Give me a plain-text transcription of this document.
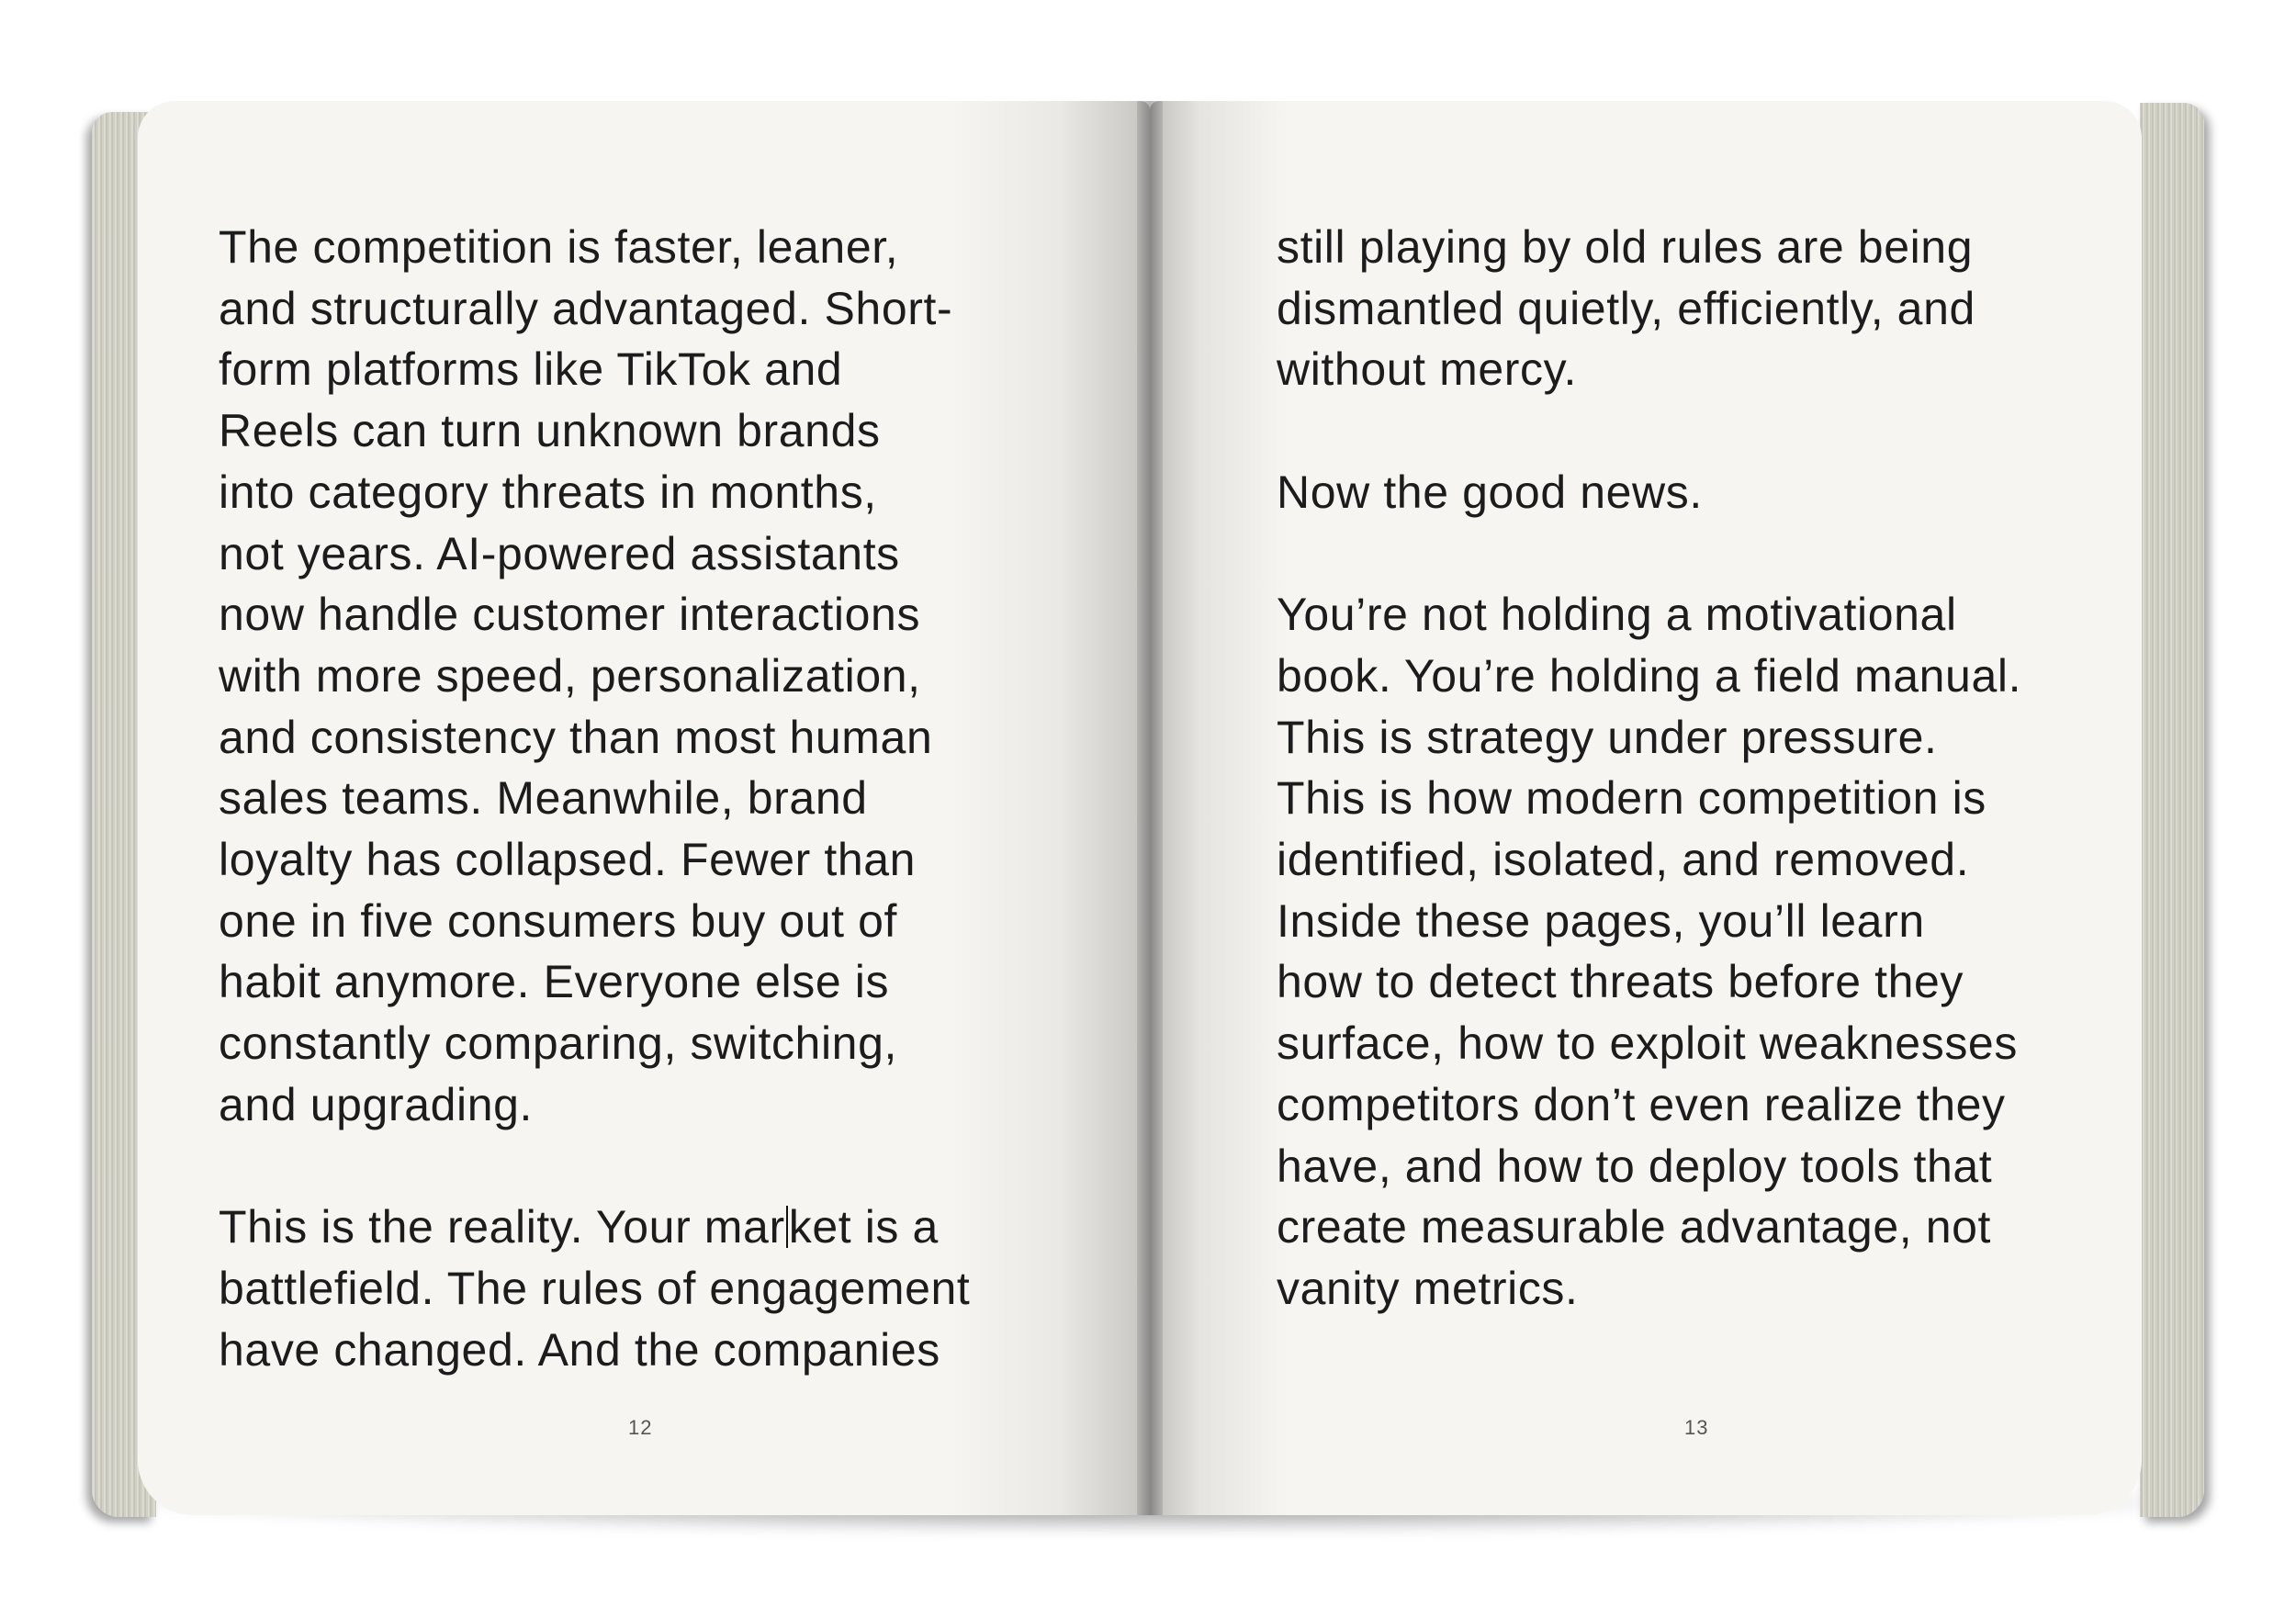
The competition is faster, leaner,
and structurally advantaged. Short-
form platforms like TikTok and
Reels can turn unknown brands
into category threats in months,
not years. AI-powered assistants
now handle customer interactions
with more speed, personalization,
and consistency than most human
sales teams. Meanwhile, brand
loyalty has collapsed. Fewer than
one in five consumers buy out of
habit anymore. Everyone else is
constantly comparing, switching,
and upgrading.
This is the reality. Your market is a
battlefield. The rules of engagement
have changed. And the companies
12
still playing by old rules are being
dismantled quietly, efficiently, and
without mercy.
Now the good news.
You’re not holding a motivational
book. You’re holding a field manual.
This is strategy under pressure.
This is how modern competition is
identified, isolated, and removed.
Inside these pages, you’ll learn
how to detect threats before they
surface, how to exploit weaknesses
competitors don’t even realize they
have, and how to deploy tools that
create measurable advantage, not
vanity metrics.
13
